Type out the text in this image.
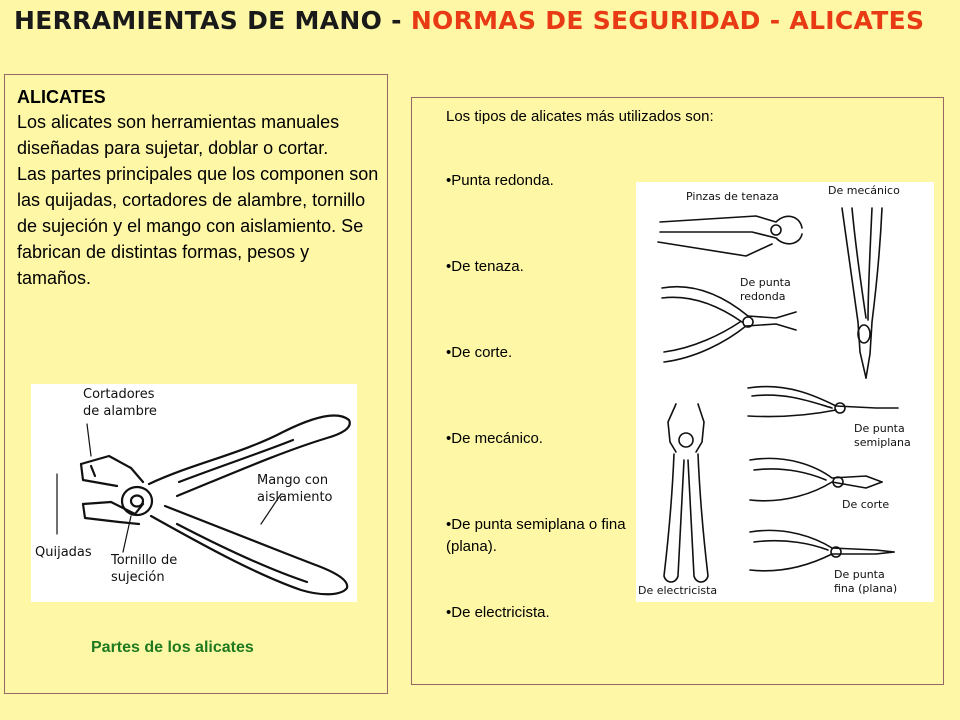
HERRAMIENTAS DE MANO - NORMAS DE SEGURIDAD - ALICATES
ALICATES

Los alicates son herramientas manuales diseñadas para sujetar, doblar o cortar.

Las partes principales que los componen son las quijadas, cortadores de alambre, tornillo de sujeción y el mango con aislamiento. Se fabrican de distintas formas, pesos y tamaños.

Cortadores
de alambre
Mango con
aislamiento
Quijadas
Tornillo de
sujeción
Partes de los alicates
Los tipos de alicates más utilizados son:
•Punta redonda.
•De tenaza.
•De corte.
•De mecánico.
•De punta semiplana o fina (plana).
•De electricista.
Pinzas de tenaza	De mecánico
De punta
redonda
De punta
semiplana
De corte
De electricista
De punta
fina (plana)
